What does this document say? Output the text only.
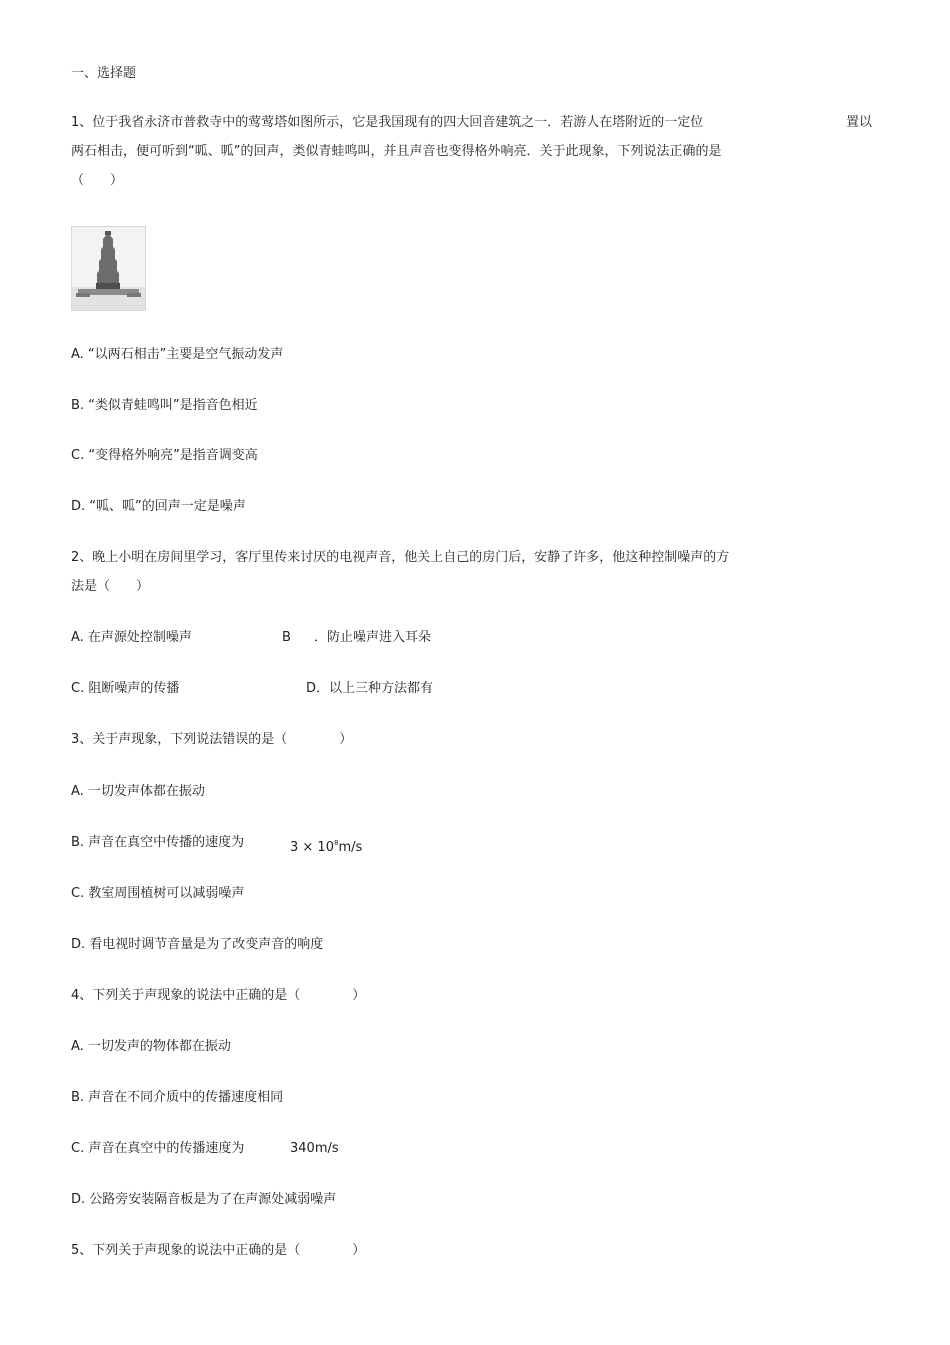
一、选择题
1、位于我省永济市普救寺中的莺莺塔如图所示，它是我国现有的四大回音建筑之一．若游人在塔附近的一定位	置以
两石相击，便可听到“呱、呱”的回声，类似青蛙鸣叫，并且声音也变得格外响亮．关于此现象，下列说法正确的是
（　　）
A. “以两石相击”主要是空气振动发声
B. “类似青蛙鸣叫”是指音色相近
C. “变得格外响亮”是指音调变高
D. “呱、呱”的回声一定是噪声
2、晚上小明在房间里学习，客厅里传来讨厌的电视声音，他关上自己的房门后，安静了许多，他这种控制噪声的方
法是（　　）
A. 在声源处控制噪声	B ．防止噪声进入耳朵
C. 阻断噪声的传播	D．以上三种方法都有
3、关于声现象，下列说法错误的是（　　　　）
A. 一切发声体都在振动
B. 声音在真空中传播的速度为	$3 \times 10^8m/s$
C. 教室周围植树可以减弱噪声
D. 看电视时调节音量是为了改变声音的响度
4、下列关于声现象的说法中正确的是（　　　　）
A. 一切发声的物体都在振动
B. 声音在不同介质中的传播速度相同
C. 声音在真空中的传播速度为	340m/s
D. 公路旁安装隔音板是为了在声源处减弱噪声
5、下列关于声现象的说法中正确的是（　　　　）
